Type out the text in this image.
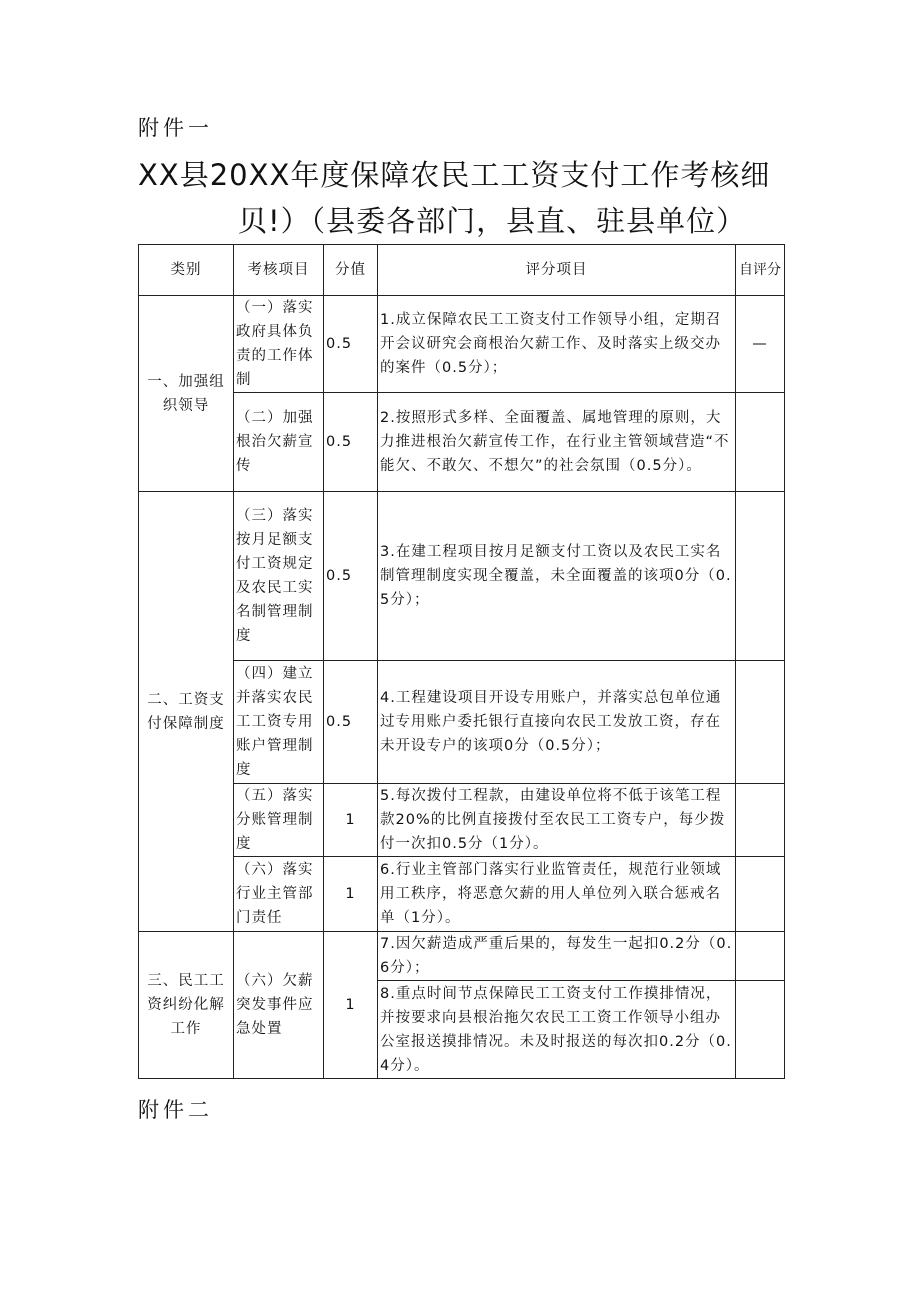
附件一
XX县20XX年度保障农民工工资支付工作考核细
贝!）（县委各部门，县直、驻县单位）
类别	考核项目	分值	评分项目	自评分
一、加强组织领导	（一）落实政府具体负责的工作体制	0.5	1.成立保障农民工工资支付工作领导小组，定期召开会议研究会商根治欠薪工作、及时落实上级交办的案件（0.5分）；	—
	（二）加强根治欠薪宣传	0.5	2.按照形式多样、全面覆盖、属地管理的原则，大力推进根治欠薪宣传工作，在行业主管领域营造“不能欠、不敢欠、不想欠”的社会氛围（0.5分）。	
二、工资支付保障制度	（三）落实按月足额支付工资规定及农民工实名制管理制度	0.5	3.在建工程项目按月足额支付工资以及农民工实名制管理制度实现全覆盖，未全面覆盖的该项0分（0.5分）；	
	（四）建立并落实农民工工资专用账户管理制度	0.5	4.工程建设项目开设专用账户，并落实总包单位通过专用账户委托银行直接向农民工发放工资，存在未开设专户的该项0分（0.5分）；	
	（五）落实分账管理制度	1	5.每次拨付工程款，由建设单位将不低于该笔工程款20%的比例直接拨付至农民工工资专户，每少拨付一次扣0.5分（1分）。	
	（六）落实行业主管部门责任	1	6.行业主管部门落实行业监管责任，规范行业领域用工秩序，将恶意欠薪的用人单位列入联合惩戒名单（1分）。	
三、民工工资纠纷化解工作	（六）欠薪突发事件应急处置	1	7.因欠薪造成严重后果的，每发生一起扣0.2分（0.6分）；	
			8.重点时间节点保障民工工资支付工作摸排情况，并按要求向县根治拖欠农民工工资工作领导小组办公室报送摸排情况。未及时报送的每次扣0.2分（0.4分）。	
附件二
